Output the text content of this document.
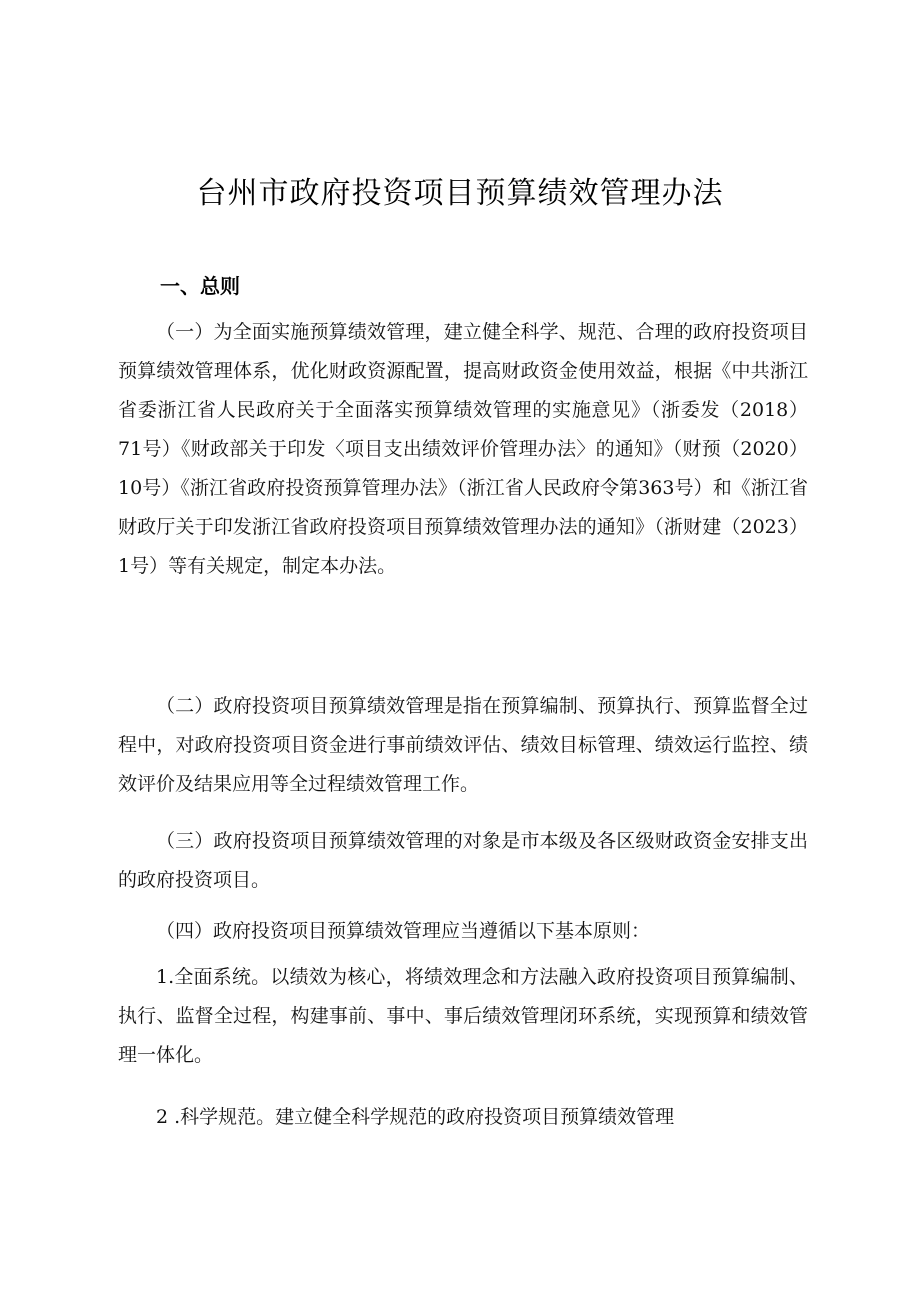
台州市政府投资项目预算绩效管理办法
一、总则
（一）为全面实施预算绩效管理，建立健全科学、规范、合理的政府投资项目预算绩效管理体系，优化财政资源配置，提高财政资金使用效益，根据《中共浙江省委浙江省人民政府关于全面落实预算绩效管理的实施意见》（浙委发（2018）71号）《财政部关于印发〈项目支出绩效评价管理办法〉的通知》（财预（2020）10号）《浙江省政府投资预算管理办法》（浙江省人民政府令第363号）和《浙江省财政厅关于印发浙江省政府投资项目预算绩效管理办法的通知》（浙财建（2023）1号）等有关规定，制定本办法。
（二）政府投资项目预算绩效管理是指在预算编制、预算执行、预算监督全过程中，对政府投资项目资金进行事前绩效评估、绩效目标管理、绩效运行监控、绩效评价及结果应用等全过程绩效管理工作。
（三）政府投资项目预算绩效管理的对象是市本级及各区级财政资金安排支出的政府投资项目。
（四）政府投资项目预算绩效管理应当遵循以下基本原则：
1.全面系统。以绩效为核心，将绩效理念和方法融入政府投资项目预算编制、执行、监督全过程，构建事前、事中、事后绩效管理闭环系统，实现预算和绩效管理一体化。
2 .科学规范。建立健全科学规范的政府投资项目预算绩效管理
